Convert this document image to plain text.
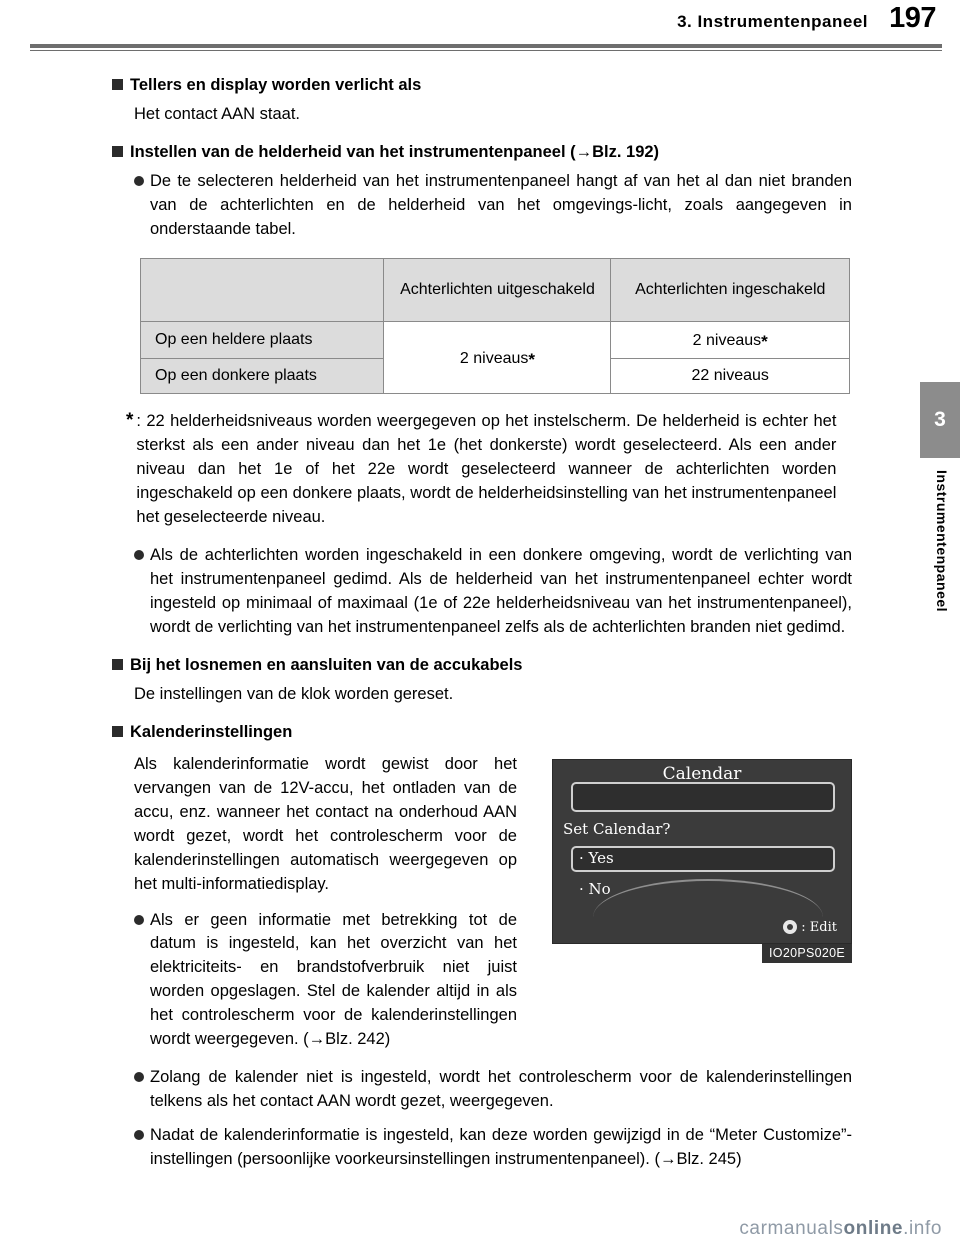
3. Instrumentenpaneel 197
3
Instrumentenpaneel
Tellers en display worden verlicht als
Het contact AAN staat.
Instellen van de helderheid van het instrumentenpaneel (→Blz. 192)
De te selecteren helderheid van het instrumentenpaneel hangt af van het al dan niet branden van de achterlichten en de helderheid van het omgevings-licht, zoals aangegeven in onderstaande tabel.
	Achterlichten uitgeschakeld	Achterlichten ingeschakeld
Op een heldere plaats	2 niveaus*	2 niveaus*
Op een donkere plaats		22 niveaus
* : 22 helderheidsniveaus worden weergegeven op het instelscherm. De helderheid is echter het sterkst als een ander niveau dan het 1e (het donkerste) wordt geselecteerd. Als een ander niveau dan het 1e of het 22e wordt geselecteerd wanneer de achterlichten worden ingeschakeld op een donkere plaats, wordt de helderheidsinstelling van het instrumentenpaneel het geselecteerde niveau.
Als de achterlichten worden ingeschakeld in een donkere omgeving, wordt de verlichting van het instrumentenpaneel gedimd. Als de helderheid van het instrumentenpaneel echter wordt ingesteld op minimaal of maximaal (1e of 22e helderheidsniveau van het instrumentenpaneel), wordt de verlichting van het instrumentenpaneel zelfs als de achterlichten branden niet gedimd.
Bij het losnemen en aansluiten van de accukabels
De instellingen van de klok worden gereset.
Kalenderinstellingen
Als kalenderinformatie wordt gewist door het vervangen van de 12V-accu, het ontladen van de accu, enz. wanneer het contact na onderhoud AAN wordt gezet, wordt het controlescherm voor de kalenderinstellingen automatisch weergegeven op het multi-informatiedisplay.
Als er geen informatie met betrekking tot de datum is ingesteld, kan het overzicht van het elektriciteits- en brandstofverbruik niet juist worden opgeslagen. Stel de kalender altijd in als het controlescherm voor de kalenderinstellingen wordt weergegeven. (→Blz. 242)
Calendar
Set Calendar?
· Yes
· No
: Edit
IO20PS020E
Zolang de kalender niet is ingesteld, wordt het controlescherm voor de kalenderinstellingen telkens als het contact AAN wordt gezet, weergegeven.
Nadat de kalenderinformatie is ingesteld, kan deze worden gewijzigd in de “Meter Customize”-instellingen (persoonlijke voorkeursinstellingen instrumentenpaneel). (→Blz. 245)
carmanualsonline.info
